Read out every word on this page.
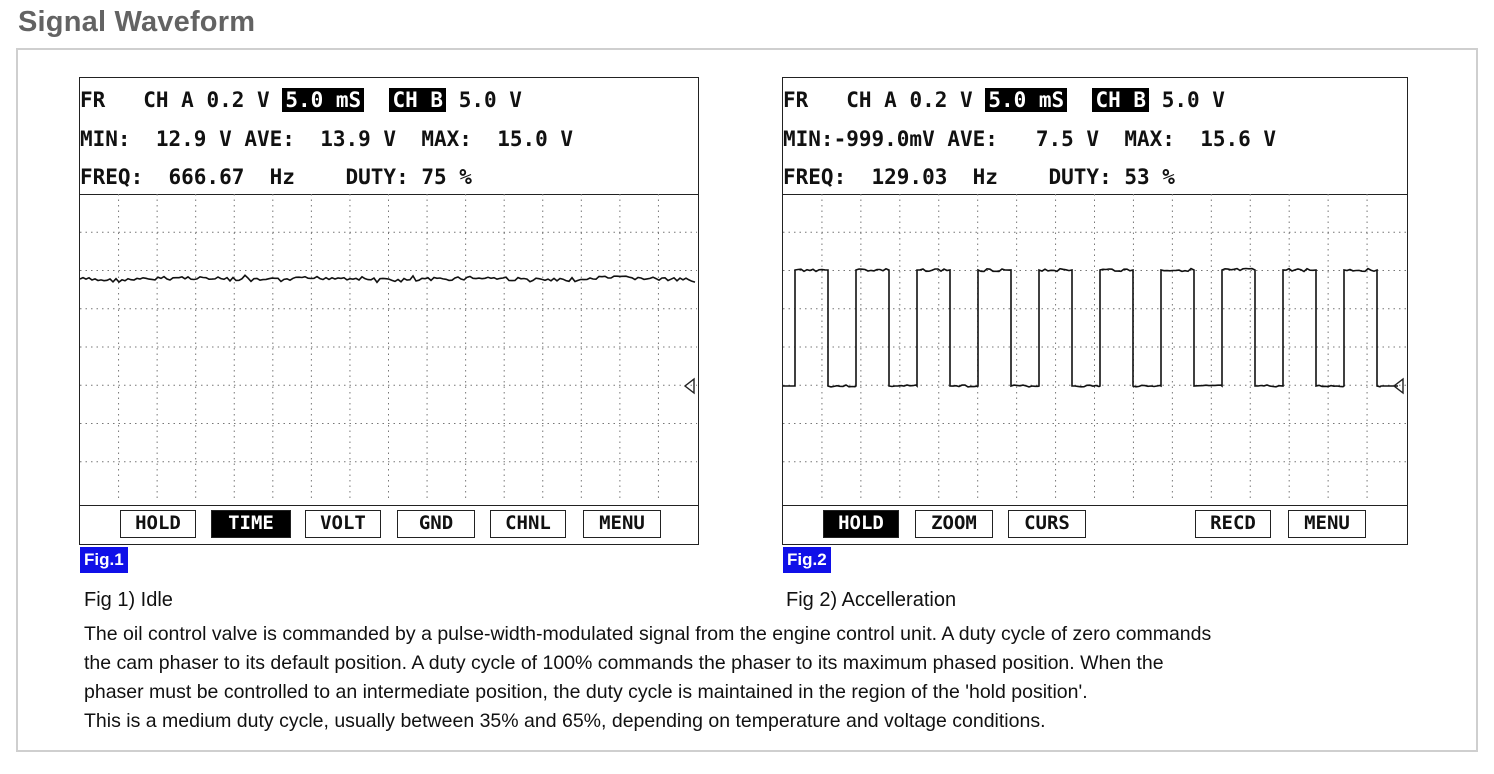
Signal Waveform
FR CH A 0.2 V 5.0 mS CH B 5.0 V
MIN:  12.9 V AVE:  13.9 V  MAX:  15.0 V
FREQ:  666.67  Hz    DUTY: 75 %
HOLD	TIME	VOLT	GND	CHNL	MENU
FR CH A 0.2 V 5.0 mS CH B 5.0 V
MIN:-999.0mV AVE:   7.5 V  MAX:  15.6 V
FREQ:  129.03  Hz    DUTY: 53 %
HOLD	ZOOM	CURS	RECD	MENU
Fig.1	Fig.2
Fig 1) Idle	Fig 2) Accelleration
The oil control valve is commanded by a pulse-width-modulated signal from the engine control unit. A duty cycle of zero commands
the cam phaser to its default position. A duty cycle of 100% commands the phaser to its maximum phased position. When the
phaser must be controlled to an intermediate position, the duty cycle is maintained in the region of the 'hold position'.
This is a medium duty cycle, usually between 35% and 65%, depending on temperature and voltage conditions.
